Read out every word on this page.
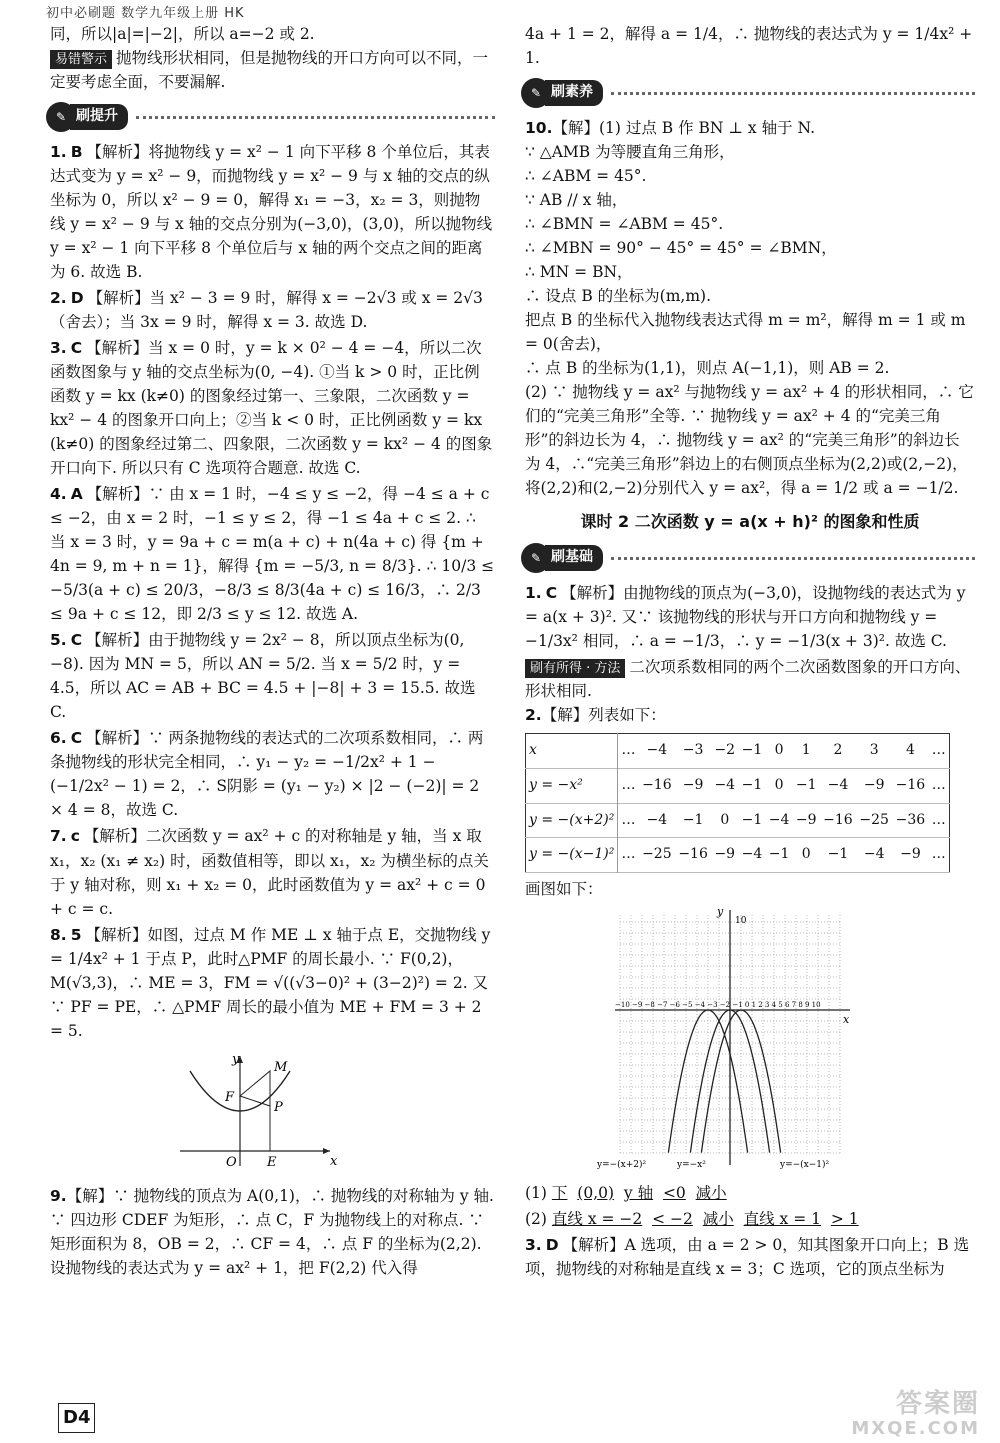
初中必刷题 数学九年级上册 HK

同，所以|a|=|−2|，所以 a=−2 或 2.

易错警示 抛物线形状相同，但是抛物线的开口方向可以不同，一定要考虑全面，不要漏解.

✎ 刷提升

1. B 【解析】将抛物线 y = x² − 1 向下平移 8 个单位后，其表达式变为 y = x² − 9，而抛物线 y = x² − 9 与 x 轴的交点的纵坐标为 0，所以 x² − 9 = 0，解得 x₁ = −3，x₂ = 3，则抛物线 y = x² − 9 与 x 轴的交点分别为(−3,0)，(3,0)，所以抛物线 y = x² − 1 向下平移 8 个单位后与 x 轴的两个交点之间的距离为 6. 故选 B.

2. D 【解析】当 x² − 3 = 9 时，解得 x = −2√3 或 x = 2√3（舍去）；当 3x = 9 时，解得 x = 3. 故选 D.

3. C 【解析】当 x = 0 时，y = k × 0² − 4 = −4，所以二次函数图象与 y 轴的交点坐标为(0, −4). ①当 k > 0 时，正比例函数 y = kx (k≠0) 的图象经过第一、三象限，二次函数 y = kx² − 4 的图象开口向上；②当 k < 0 时，正比例函数 y = kx (k≠0) 的图象经过第二、四象限，二次函数 y = kx² − 4 的图象开口向下. 所以只有 C 选项符合题意. 故选 C.

4. A 【解析】∵ 由 x = 1 时，−4 ≤ y ≤ −2，得 −4 ≤ a + c ≤ −2，由 x = 2 时，−1 ≤ y ≤ 2，得 −1 ≤ 4a + c ≤ 2. ∴ 当 x = 3 时，y = 9a + c = m(a + c) + n(4a + c) 得 {m + 4n = 9, m + n = 1}，解得 {m = −5/3, n = 8/3}. ∴ 10/3 ≤ −5/3(a + c) ≤ 20/3，−8/3 ≤ 8/3(4a + c) ≤ 16/3，∴ 2/3 ≤ 9a + c ≤ 12，即 2/3 ≤ y ≤ 12. 故选 A.

5. C 【解析】由于抛物线 y = 2x² − 8，所以顶点坐标为(0, −8). 因为 MN = 5，所以 AN = 5/2. 当 x = 5/2 时，y = 4.5，所以 AC = AB + BC = 4.5 + |−8| + 3 = 15.5. 故选 C.

6. C 【解析】∵ 两条抛物线的表达式的二次项系数相同，∴ 两条抛物线的形状完全相同，∴ y₁ − y₂ = −1/2x² + 1 − (−1/2x² − 1) = 2，∴ S阴影 = (y₁ − y₂) × |2 − (−2)| = 2 × 4 = 8，故选 C.

7. c 【解析】二次函数 y = ax² + c 的对称轴是 y 轴，当 x 取 x₁，x₂ (x₁ ≠ x₂) 时，函数值相等，即以 x₁，x₂ 为横坐标的点关于 y 轴对称，则 x₁ + x₂ = 0，此时函数值为 y = ax² + c = 0 + c = c.

8. 5 【解析】如图，过点 M 作 ME ⊥ x 轴于点 E，交抛物线 y = 1/4x² + 1 于点 P，此时△PMF 的周长最小. ∵ F(0,2)，M(√3,3)，∴ ME = 3，FM = √((√3−0)² + (3−2)²) = 2. 又∵ PF = PE，∴ △PMF 周长的最小值为 ME + FM = 3 + 2 = 5.

y
x
M
F
P
O E

9.【解】∵ 抛物线的顶点为 A(0,1)，∴ 抛物线的对称轴为 y 轴. ∵ 四边形 CDEF 为矩形，∴ 点 C，F 为抛物线上的对称点. ∵ 矩形面积为 8，OB = 2，∴ CF = 4，∴ 点 F 的坐标为(2,2). 设抛物线的表达式为 y = ax² + 1，把 F(2,2) 代入得

4a + 1 = 2，解得 a = 1/4，∴ 抛物线的表达式为 y = 1/4x² + 1.

✎ 刷素养

10.【解】(1) 过点 B 作 BN ⊥ x 轴于 N.

∵ △AMB 为等腰直角三角形，

∴ ∠ABM = 45°.

∵ AB // x 轴，

∴ ∠BMN = ∠ABM = 45°.

∴ ∠MBN = 90° − 45° = 45° = ∠BMN，

∴ MN = BN，

∴ 设点 B 的坐标为(m,m).

把点 B 的坐标代入抛物线表达式得 m = m²，解得 m = 1 或 m = 0(舍去)，

∴ 点 B 的坐标为(1,1)，则点 A(−1,1)，则 AB = 2.

(2) ∵ 抛物线 y = ax² 与抛物线 y = ax² + 4 的形状相同，∴ 它们的“完美三角形”全等. ∵ 抛物线 y = ax² + 4 的“完美三角形”的斜边长为 4，∴ 抛物线 y = ax² 的“完美三角形”的斜边长为 4，∴“完美三角形”斜边上的右侧顶点坐标为(2,2)或(2,−2)，将(2,2)和(2,−2)分别代入 y = ax²，得 a = 1/2 或 a = −1/2.

课时 2 二次函数 y = a(x + h)² 的图象和性质
✎ 刷基础

1. C 【解析】由抛物线的顶点为(−3,0)，设抛物线的表达式为 y = a(x + 3)². 又∵ 该抛物线的形状与开口方向和抛物线 y = −1/3x² 相同，∴ a = −1/3，∴ y = −1/3(x + 3)². 故选 C.

刷有所得 · 方法 二次项系数相同的两个二次函数图象的开口方向、形状相同.

2.【解】列表如下：

x	…	−4	−3	−2	−1	0	1	2	3	4	…
y = −x²	…	−16	−9	−4	−1	0	−1	−4	−9	−16	…
y = −(x+2)²	…	−4	−1	0	−1	−4	−9	−16	−25	−36	…
y = −(x−1)²	…	−25	−16	−9	−4	−1	0	−1	−4	−9	…

画图如下：

y
10
x
−10 −9 −8 −7 −6 −5 −4 −3 −2 −1 0 1 2 3 4 5 6 7 8 9 10
y=−(x+2)²	y=−x²	y=−(x−1)²

(1) 下 (0,0) y 轴 <0 减小

(2) 直线 x = −2 < −2 减小 直线 x = 1 > 1

3. D 【解析】A 选项，由 a = 2 > 0，知其图象开口向上；B 选项，抛物线的对称轴是直线 x = 3；C 选项，它的顶点坐标为

D4	答案圈
MXQE.COM
